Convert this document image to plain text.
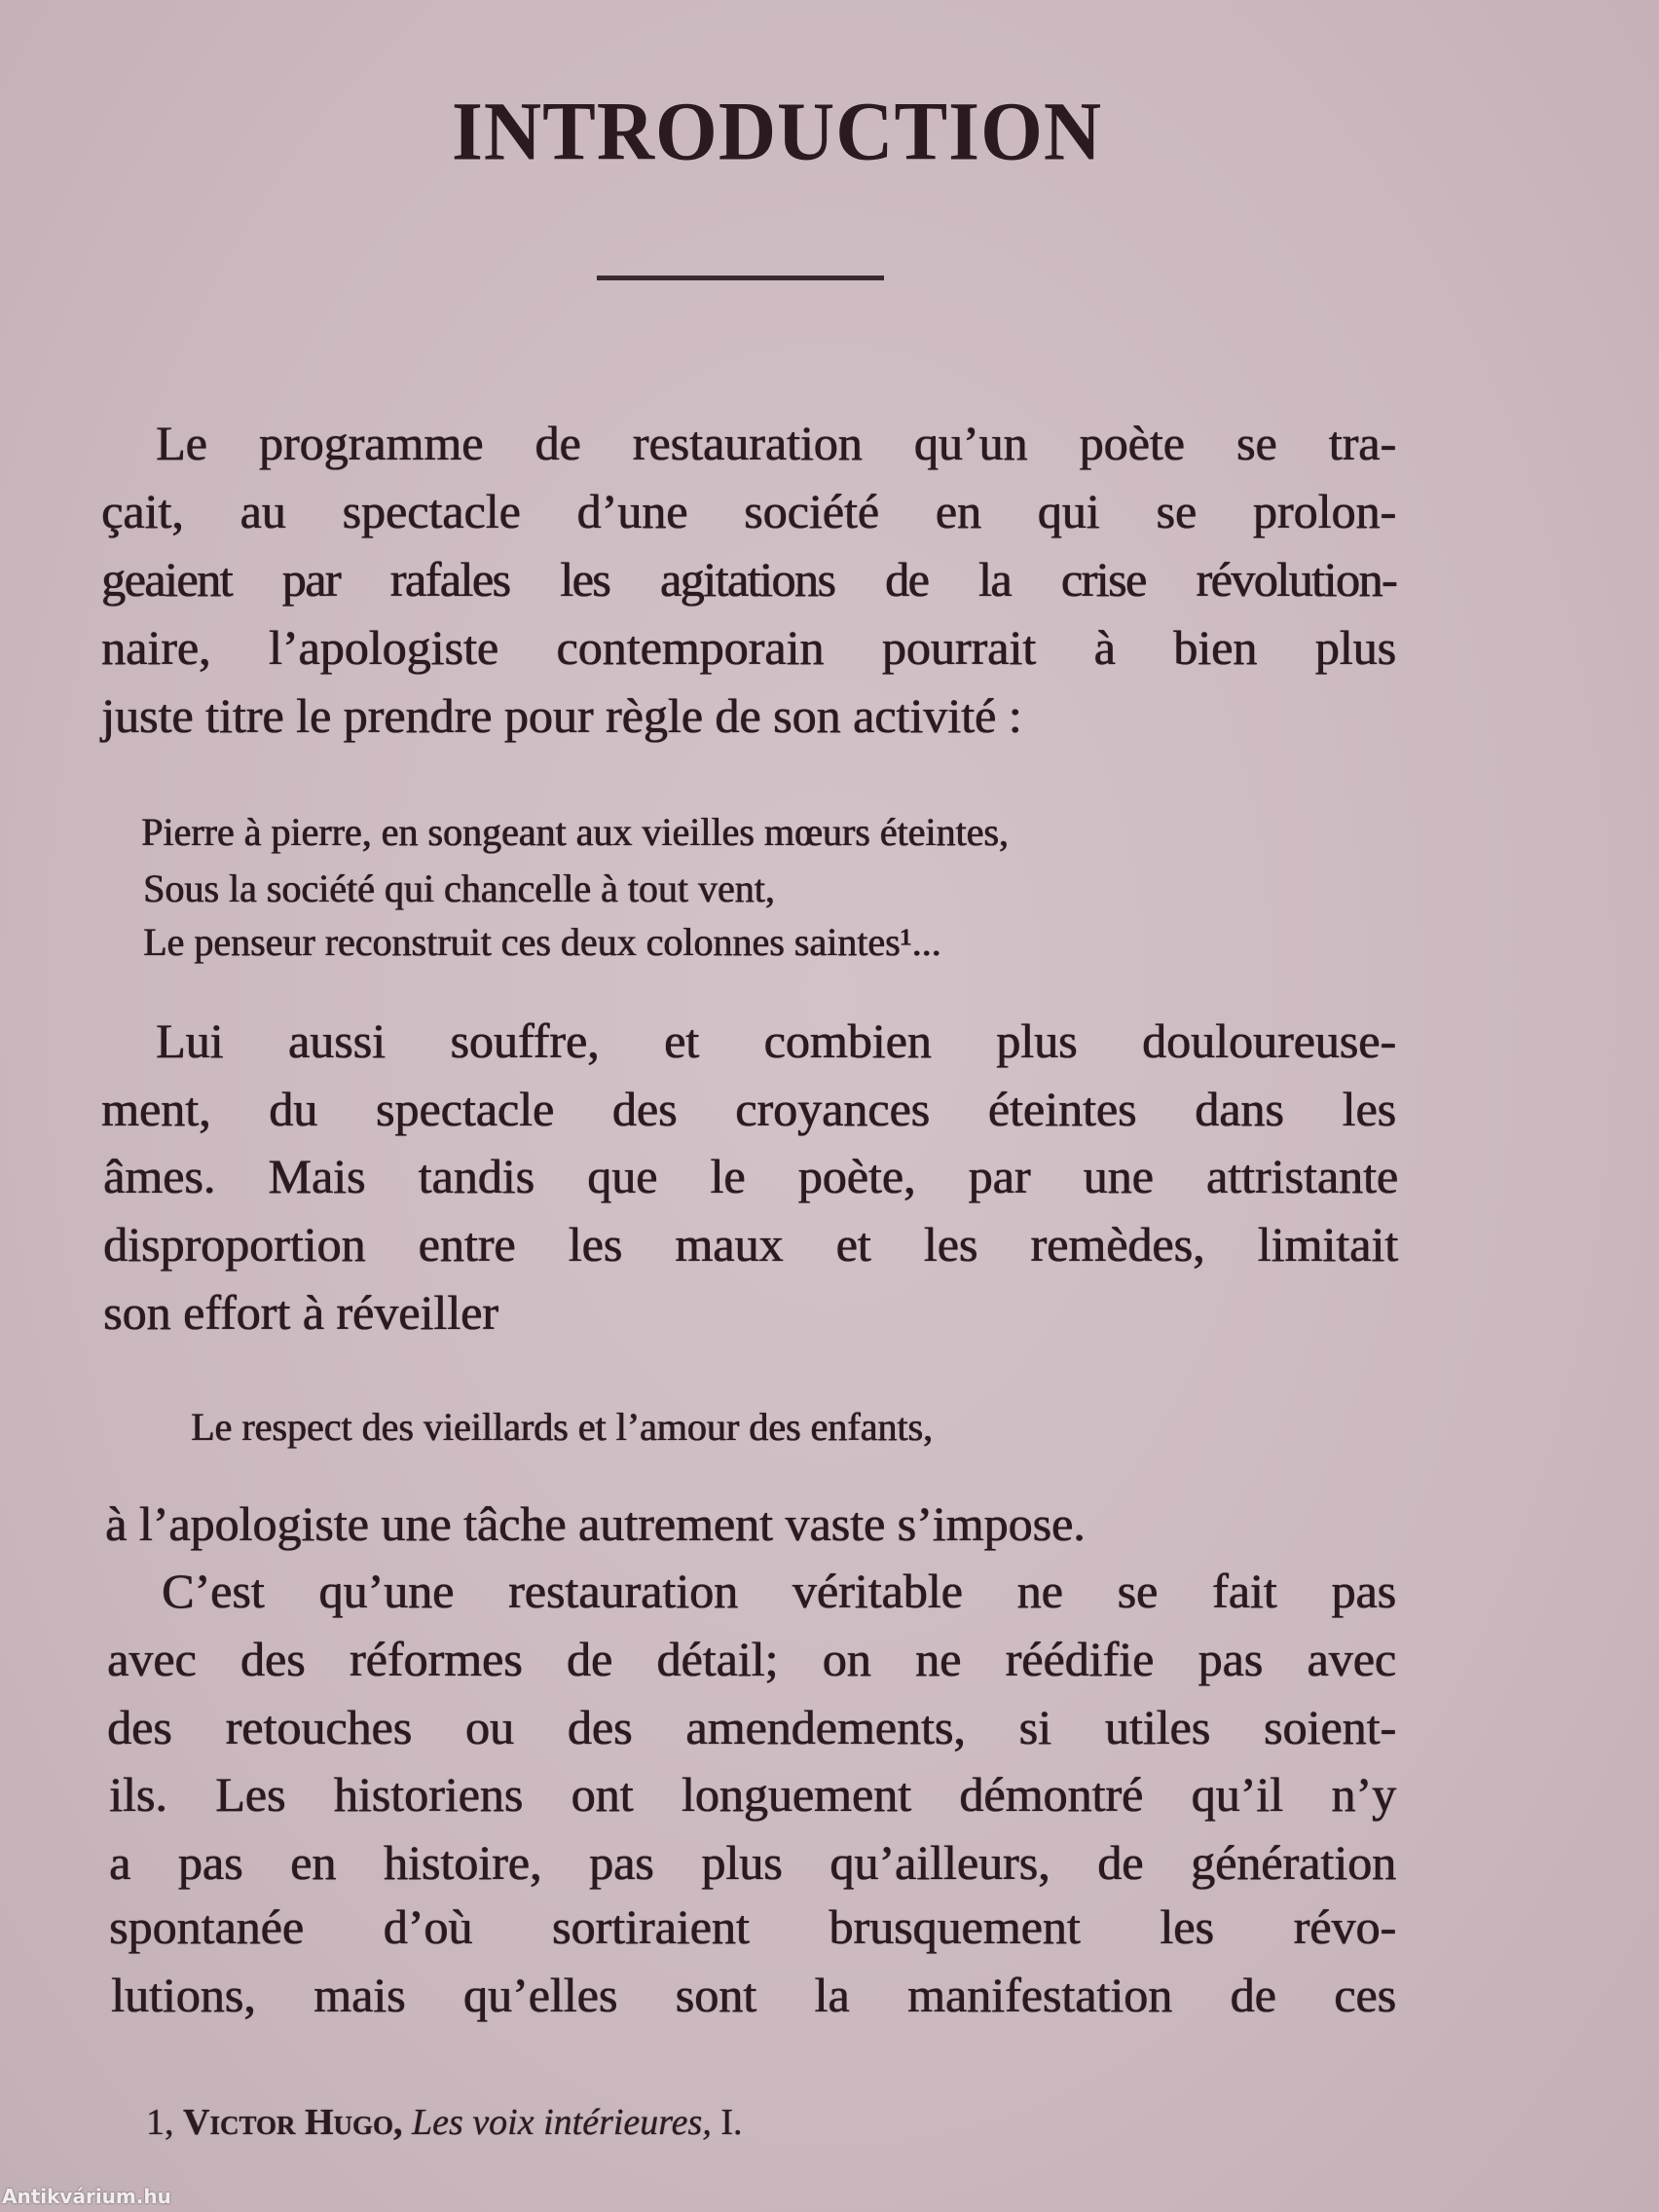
INTRODUCTION
Le programme de restauration qu’un poète se tra-
çait, au spectacle d’une société en qui se prolon-
geaient par rafales les agitations de la crise révolution-
naire, l’apologiste contemporain pourrait à bien plus
juste titre le prendre pour règle de son activité :
Pierre à pierre, en songeant aux vieilles mœurs éteintes,
Sous la société qui chancelle à tout vent,
Le penseur reconstruit ces deux colonnes saintes¹...
Lui aussi souffre, et combien plus douloureuse-
ment, du spectacle des croyances éteintes dans les
âmes. Mais tandis que le poète, par une attristante
disproportion entre les maux et les remèdes, limitait
son effort à réveiller
Le respect des vieillards et l’amour des enfants,
à l’apologiste une tâche autrement vaste s’impose.
C’est qu’une restauration véritable ne se fait pas
avec des réformes de détail; on ne réédifie pas avec
des retouches ou des amendements, si utiles soient-
ils. Les historiens ont longuement démontré qu’il n’y
a pas en histoire, pas plus qu’ailleurs, de génération
spontanée d’où sortiraient brusquement les révo-
lutions, mais qu’elles sont la manifestation de ces
1, Victor Hugo, Les voix intérieures, I.
Antikvárium.hu
